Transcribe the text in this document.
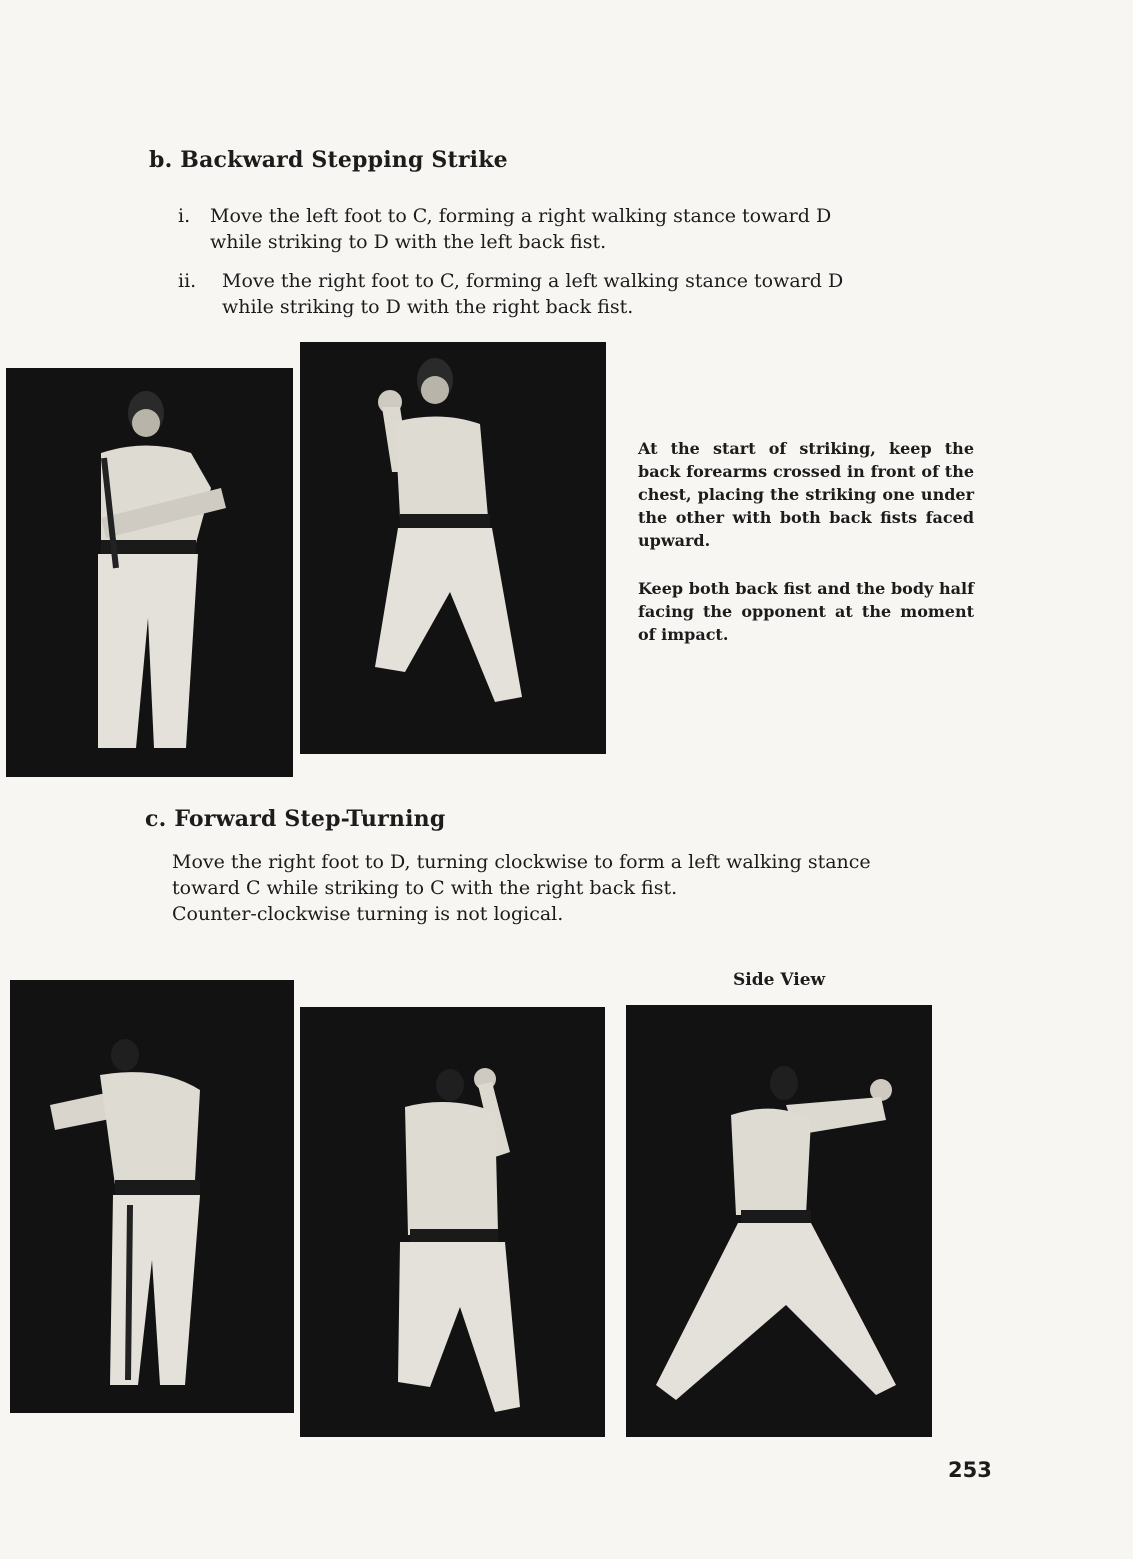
b. Backward Stepping Strike
i. Move the left foot to C, forming a right walking stance toward D
while striking to D with the left back fist.
ii. Move the right foot to C, forming a left walking stance toward D
while striking to D with the right back fist.
At the start of striking, keep the back forearms crossed in front of the chest, placing the striking one under the other with both back fists faced upward.
Keep both back fist and the body half facing the opponent at the moment of impact.
c. Forward Step-Turning
Move the right foot to D, turning clockwise to form a left walking stance
toward C while striking to C with the right back fist.
Counter-clockwise turning is not logical.
Side View
253
